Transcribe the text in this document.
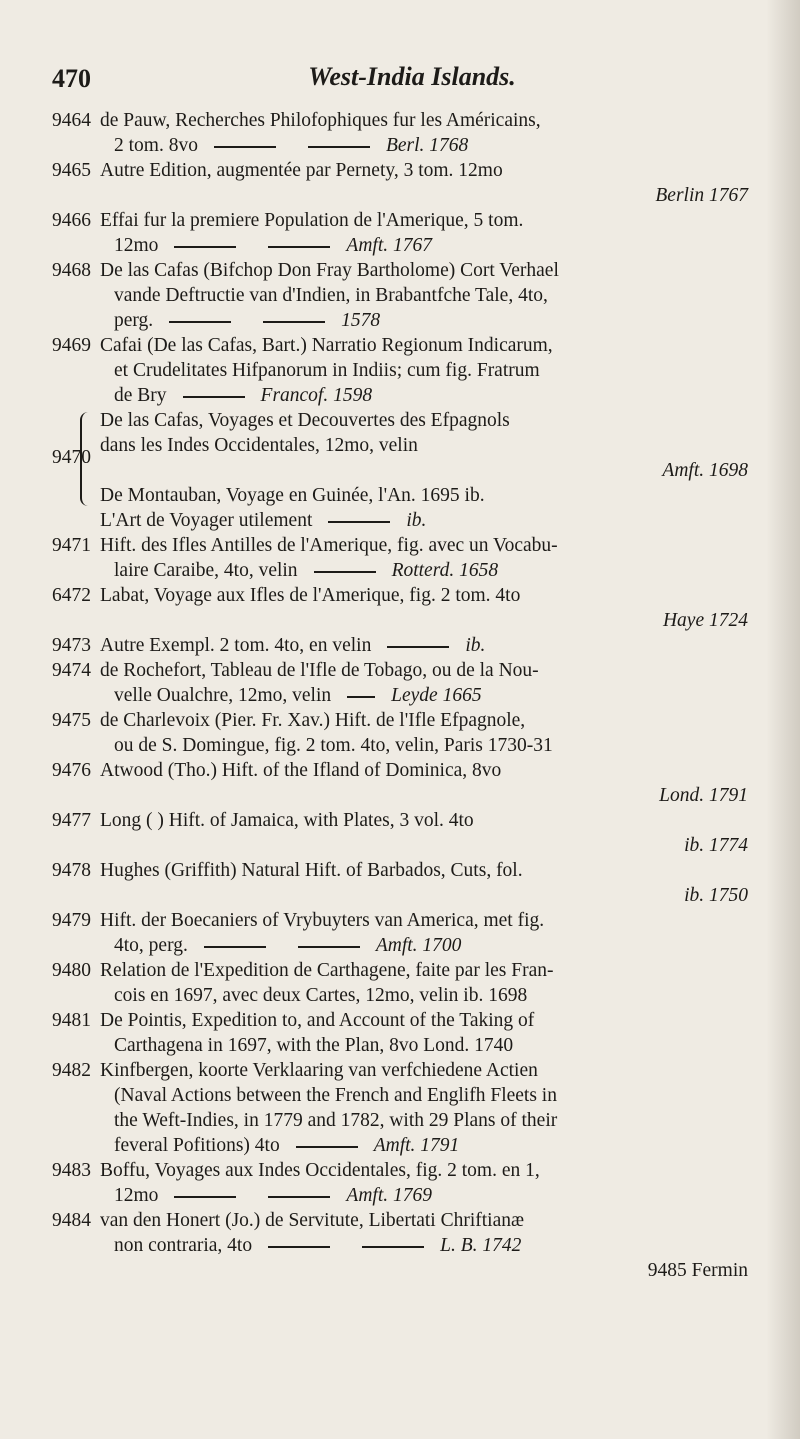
470	West-India Islands.
9464 de Pauw, Recherches Philofophiques fur les Américains,
2 tom. 8vo	Berl. 1768
9465 Autre Edition, augmentée par Pernety, 3 tom. 12mo
Berlin 1767
9466 Effai fur la premiere Population de l'Amerique, 5 tom.
12mo	Amft. 1767
9468 De las Cafas (Bifchop Don Fray Bartholome) Cort Verhael
vande Deftructie van d'Indien, in Brabantfche Tale, 4to,
perg.	1578
9469 Cafai (De las Cafas, Bart.) Narratio Regionum Indicarum,
et Crudelitates Hifpanorum in Indiis; cum fig. Fratrum
de Bry	Francof. 1598
9470
De las Cafas, Voyages et Decouvertes des Efpagnols
dans les Indes Occidentales, 12mo, velin
Amft. 1698
De Montauban, Voyage en Guinée, l'An. 1695 ib.
L'Art de Voyager utilement	ib.
9471 Hift. des Ifles Antilles de l'Amerique, fig. avec un Vocabu-
laire Caraibe, 4to, velin	Rotterd. 1658
6472 Labat, Voyage aux Ifles de l'Amerique, fig. 2 tom. 4to
Haye 1724
9473 Autre Exempl. 2 tom. 4to, en velin	ib.
9474 de Rochefort, Tableau de l'Ifle de Tobago, ou de la Nou-
velle Oualchre, 12mo, velin	Leyde 1665
9475 de Charlevoix (Pier. Fr. Xav.) Hift. de l'Ifle Efpagnole,
ou de S. Domingue, fig. 2 tom. 4to, velin, Paris 1730-31
9476 Atwood (Tho.) Hift. of the Ifland of Dominica, 8vo
Lond. 1791
9477 Long ( ) Hift. of Jamaica, with Plates, 3 vol. 4to
ib. 1774
9478 Hughes (Griffith) Natural Hift. of Barbados, Cuts, fol.
ib. 1750
9479 Hift. der Boecaniers of Vrybuyters van America, met fig.
4to, perg.	Amft. 1700
9480 Relation de l'Expedition de Carthagene, faite par les Fran-
cois en 1697, avec deux Cartes, 12mo, velin ib. 1698
9481 De Pointis, Expedition to, and Account of the Taking of
Carthagena in 1697, with the Plan, 8vo Lond. 1740
9482 Kinfbergen, koorte Verklaaring van verfchiedene Actien
(Naval Actions between the French and Englifh Fleets in
the Weft-Indies, in 1779 and 1782, with 29 Plans of their
feveral Pofitions) 4to	Amft. 1791
9483 Boffu, Voyages aux Indes Occidentales, fig. 2 tom. en 1,
12mo	Amft. 1769
9484 van den Honert (Jo.) de Servitute, Libertati Chriftianæ
non contraria, 4to	L. B. 1742
9485 Fermin
